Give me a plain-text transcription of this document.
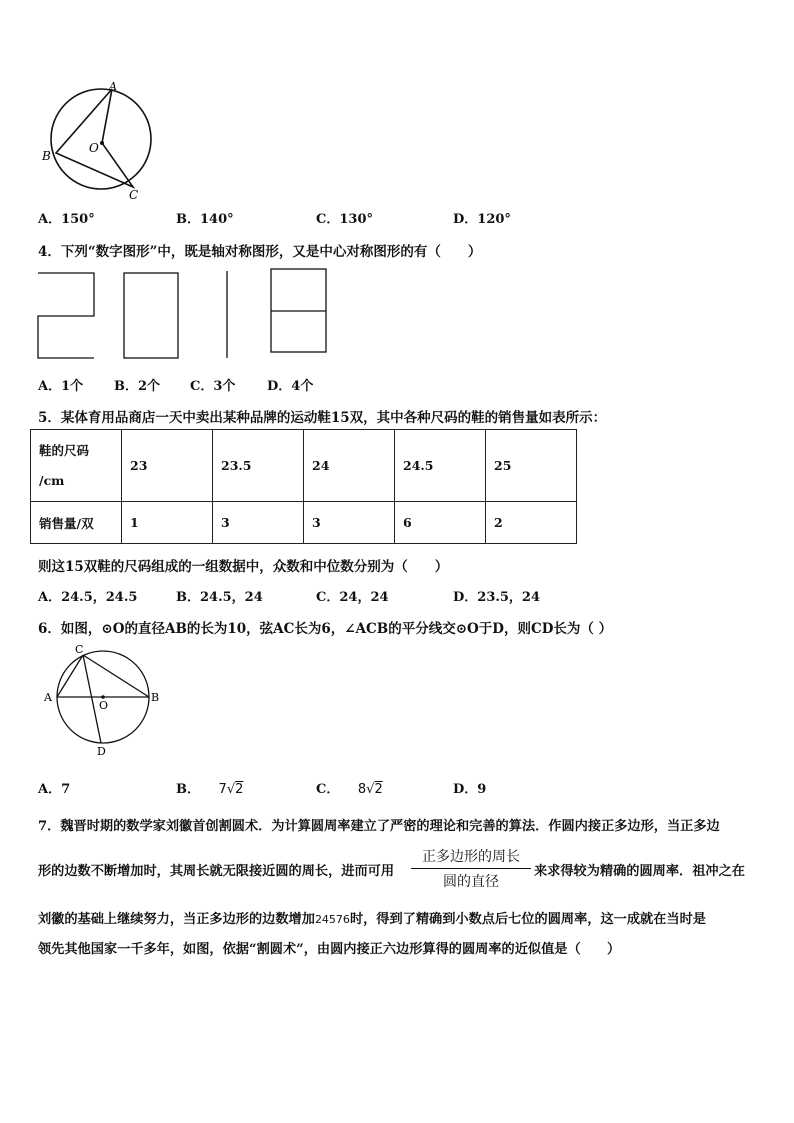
A
B
O
C
A．150°	B．140°	C．130°	D．120°
4．下列“数字图形”中，既是轴对称图形，又是中心对称图形的有（　　）
A．1个 B．2个 C．3个 D．4个
5．某体育用品商店一天中卖出某种品牌的运动鞋15双，其中各种尺码的鞋的销售量如表所示：
鞋的尺码
/cm	23	23.5	24	24.5	25
销售量/双	1	3	3	6	2
则这15双鞋的尺码组成的一组数据中，众数和中位数分别为（　　）
A．24.5，24.5	B．24.5，24	C．24，24	D．23.5，24
6．如图，⊙O的直径AB的长为10，弦AC长为6，∠ACB的平分线交⊙O于D，则CD长为（ ）
C
A
O
B
D
A．7	B． 7√2	C． 8√2	D．9
7．魏晋时期的数学家刘徽首创割圆术．为计算圆周率建立了严密的理论和完善的算法．作圆内接正多边形，当正多边
形的边数不断增加时，其周长就无限接近圆的周长，进而可用
正多边形的周长
圆的直径
来求得较为精确的圆周率．祖冲之在
刘徽的基础上继续努力，当正多边形的边数增加24576时，得到了精确到小数点后七位的圆周率，这一成就在当时是
领先其他国家一千多年，如图，依据“割圆术”，由圆内接正六边形算得的圆周率的近似值是（　　）
